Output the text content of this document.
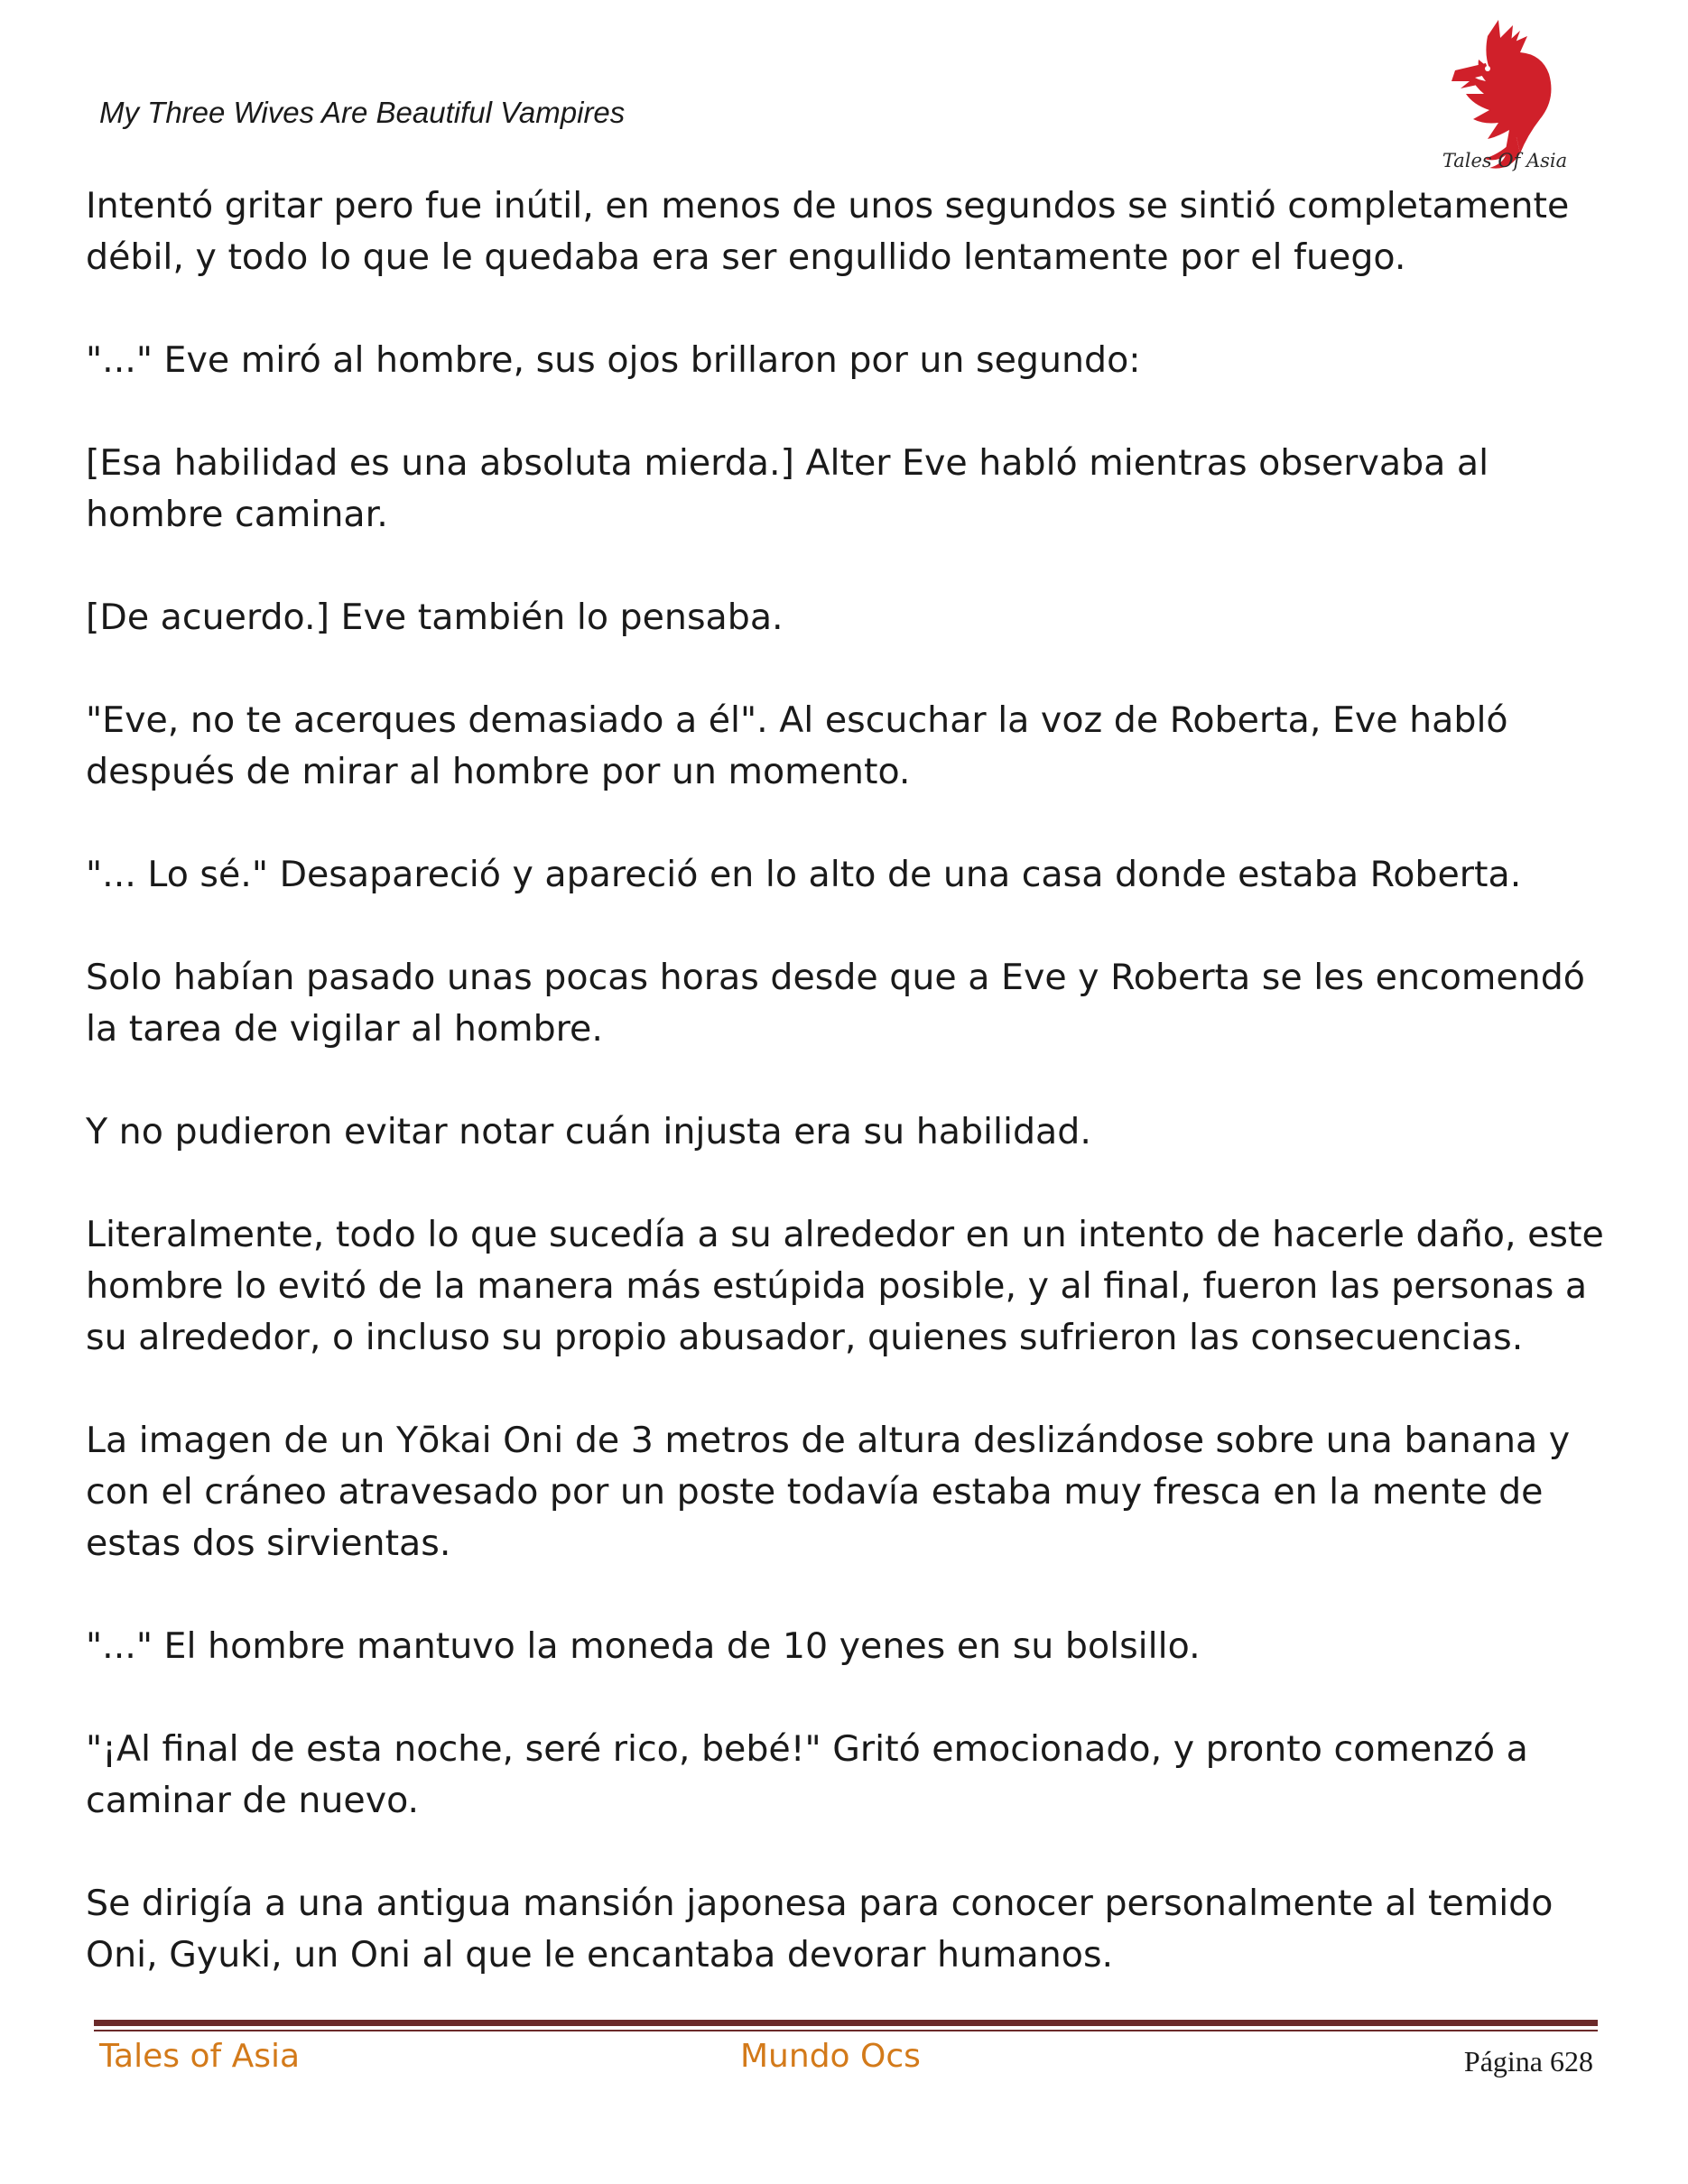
My Three Wives Are Beautiful Vampires
Tales Of Asia

Intentó gritar pero fue inútil, en menos de unos segundos se sintió completamente débil, y todo lo que le quedaba era ser engullido lentamente por el fuego.

"..." Eve miró al hombre, sus ojos brillaron por un segundo:

[Esa habilidad es una absoluta mierda.] Alter Eve habló mientras observaba al hombre caminar.

[De acuerdo.] Eve también lo pensaba.

"Eve, no te acerques demasiado a él". Al escuchar la voz de Roberta, Eve habló después de mirar al hombre por un momento.

"... Lo sé." Desapareció y apareció en lo alto de una casa donde estaba Roberta.

Solo habían pasado unas pocas horas desde que a Eve y Roberta se les encomendó la tarea de vigilar al hombre.

Y no pudieron evitar notar cuán injusta era su habilidad.

Literalmente, todo lo que sucedía a su alrededor en un intento de hacerle daño, este hombre lo evitó de la manera más estúpida posible, y al final, fueron las personas a su alrededor, o incluso su propio abusador, quienes sufrieron las consecuencias.

La imagen de un Yōkai Oni de 3 metros de altura deslizándose sobre una banana y con el cráneo atravesado por un poste todavía estaba muy fresca en la mente de estas dos sirvientas.

"..." El hombre mantuvo la moneda de 10 yenes en su bolsillo.

"¡Al final de esta noche, seré rico, bebé!" Gritó emocionado, y pronto comenzó a caminar de nuevo.

Se dirigía a una antigua mansión japonesa para conocer personalmente al temido Oni, Gyuki, un Oni al que le encantaba devorar humanos.

Tales of Asia	Mundo Ocs	Página 628
